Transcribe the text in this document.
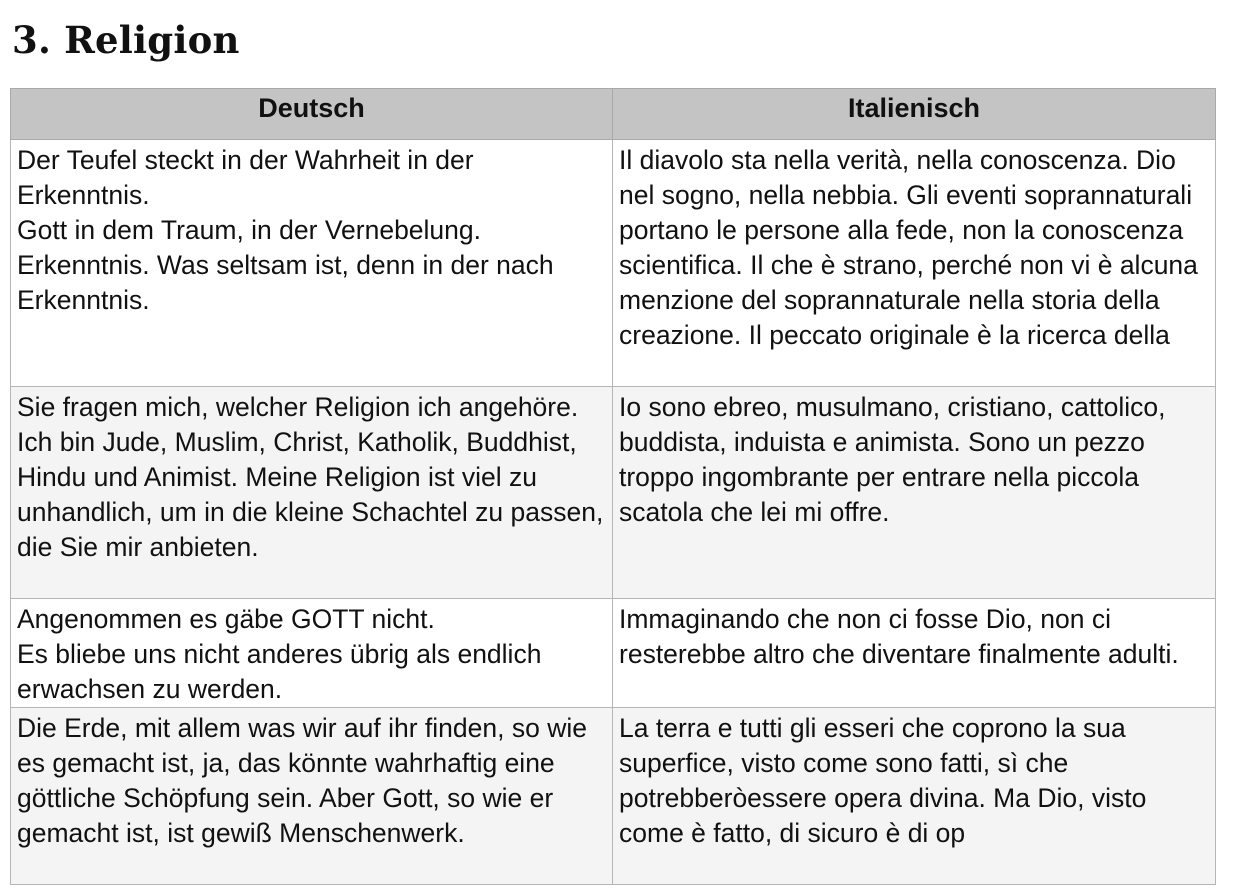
3. Religion
Deutsch	Italienisch

Der Teufel steckt in der Wahrheit in der Erkenntnis.
Gott in dem Traum, in der Vernebelung. Erkenntnis. Was seltsam ist, denn in der nach Erkenntnis.	Il diavolo sta nella verità, nella conoscenza. Dio nel sogno, nella nebbia. Gli eventi soprannaturali portano le persone alla fede, non la conoscenza scientifica. Il che è strano, perché non vi è alcuna menzione del soprannaturale nella storia della creazione. Il peccato originale è la ricerca della

Sie fragen mich, welcher Religion ich angehöre.
Ich bin Jude, Muslim, Christ, Katholik, Buddhist, Hindu und Animist. Meine Religion ist viel zu unhandlich, um in die kleine Schachtel zu passen, die Sie mir anbieten.	Io sono ebreo, musulmano, cristiano, cattolico, buddista, induista e animista. Sono un pezzo troppo ingombrante per entrare nella piccola scatola che lei mi offre.
Angenommen es gäbe GOTT nicht.
Es bliebe uns nicht anderes übrig als endlich erwachsen zu werden.	Immaginando che non ci fosse Dio, non ci resterebbe altro che diventare finalmente adulti.
Die Erde, mit allem was wir auf ihr finden, so wie es gemacht ist, ja, das könnte wahrhaftig eine göttliche Schöpfung sein. Aber Gott, so wie er gemacht ist, ist gewiß Menschenwerk.	La terra e tutti gli esseri che coprono la sua superfice, visto come sono fatti, sì che potrebberòessere opera divina. Ma Dio, visto come è fatto, di sicuro è di op
